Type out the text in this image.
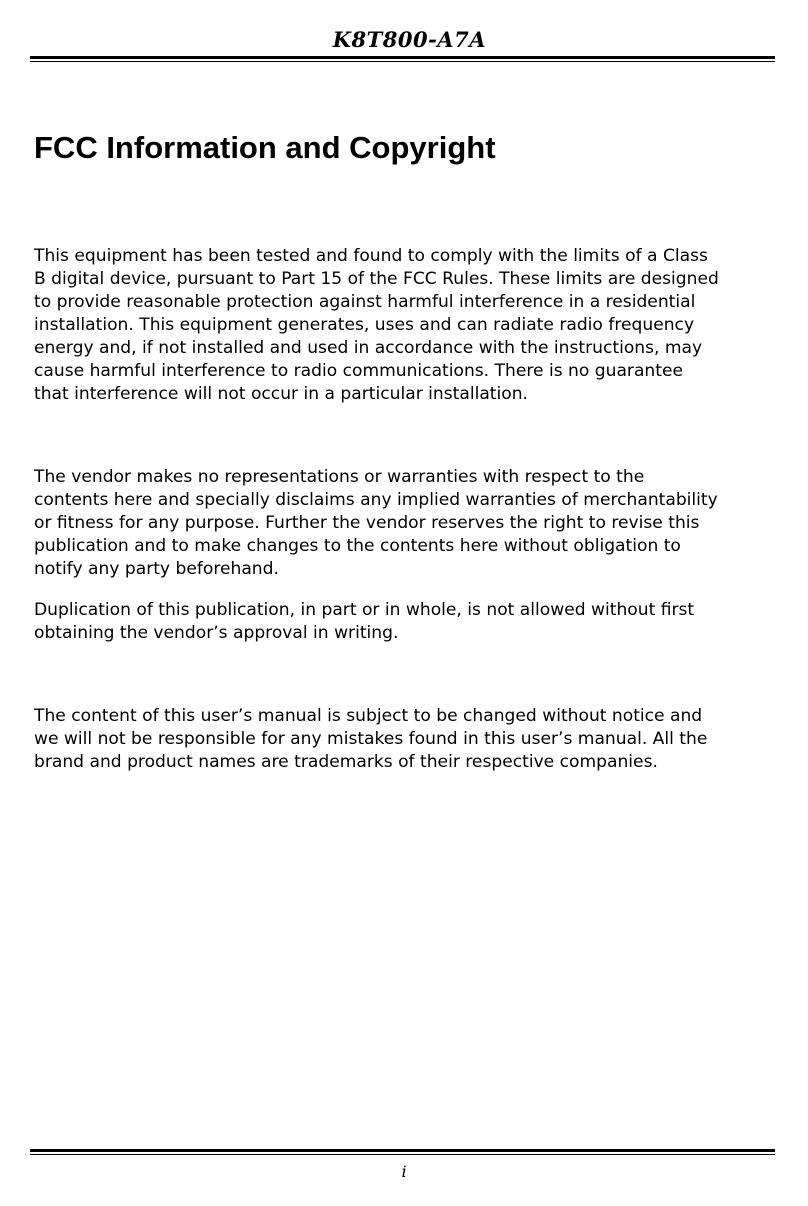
K8T800-A7A
FCC Information and Copyright

This equipment has been tested and found to comply with the limits of a Class
B digital device, pursuant to Part 15 of the FCC Rules. These limits are designed
to provide reasonable protection against harmful interference in a residential
installation. This equipment generates, uses and can radiate radio frequency
energy and, if not installed and used in accordance with the instructions, may
cause harmful interference to radio communications. There is no guarantee
that interference will not occur in a particular installation.

The vendor makes no representations or warranties with respect to the
contents here and specially disclaims any implied warranties of merchantability
or fitness for any purpose. Further the vendor reserves the right to revise this
publication and to make changes to the contents here without obligation to
notify any party beforehand.

Duplication of this publication, in part or in whole, is not allowed without first
obtaining the vendor’s approval in writing.

The content of this user’s manual is subject to be changed without notice and
we will not be responsible for any mistakes found in this user’s manual. All the
brand and product names are trademarks of their respective companies.

i
